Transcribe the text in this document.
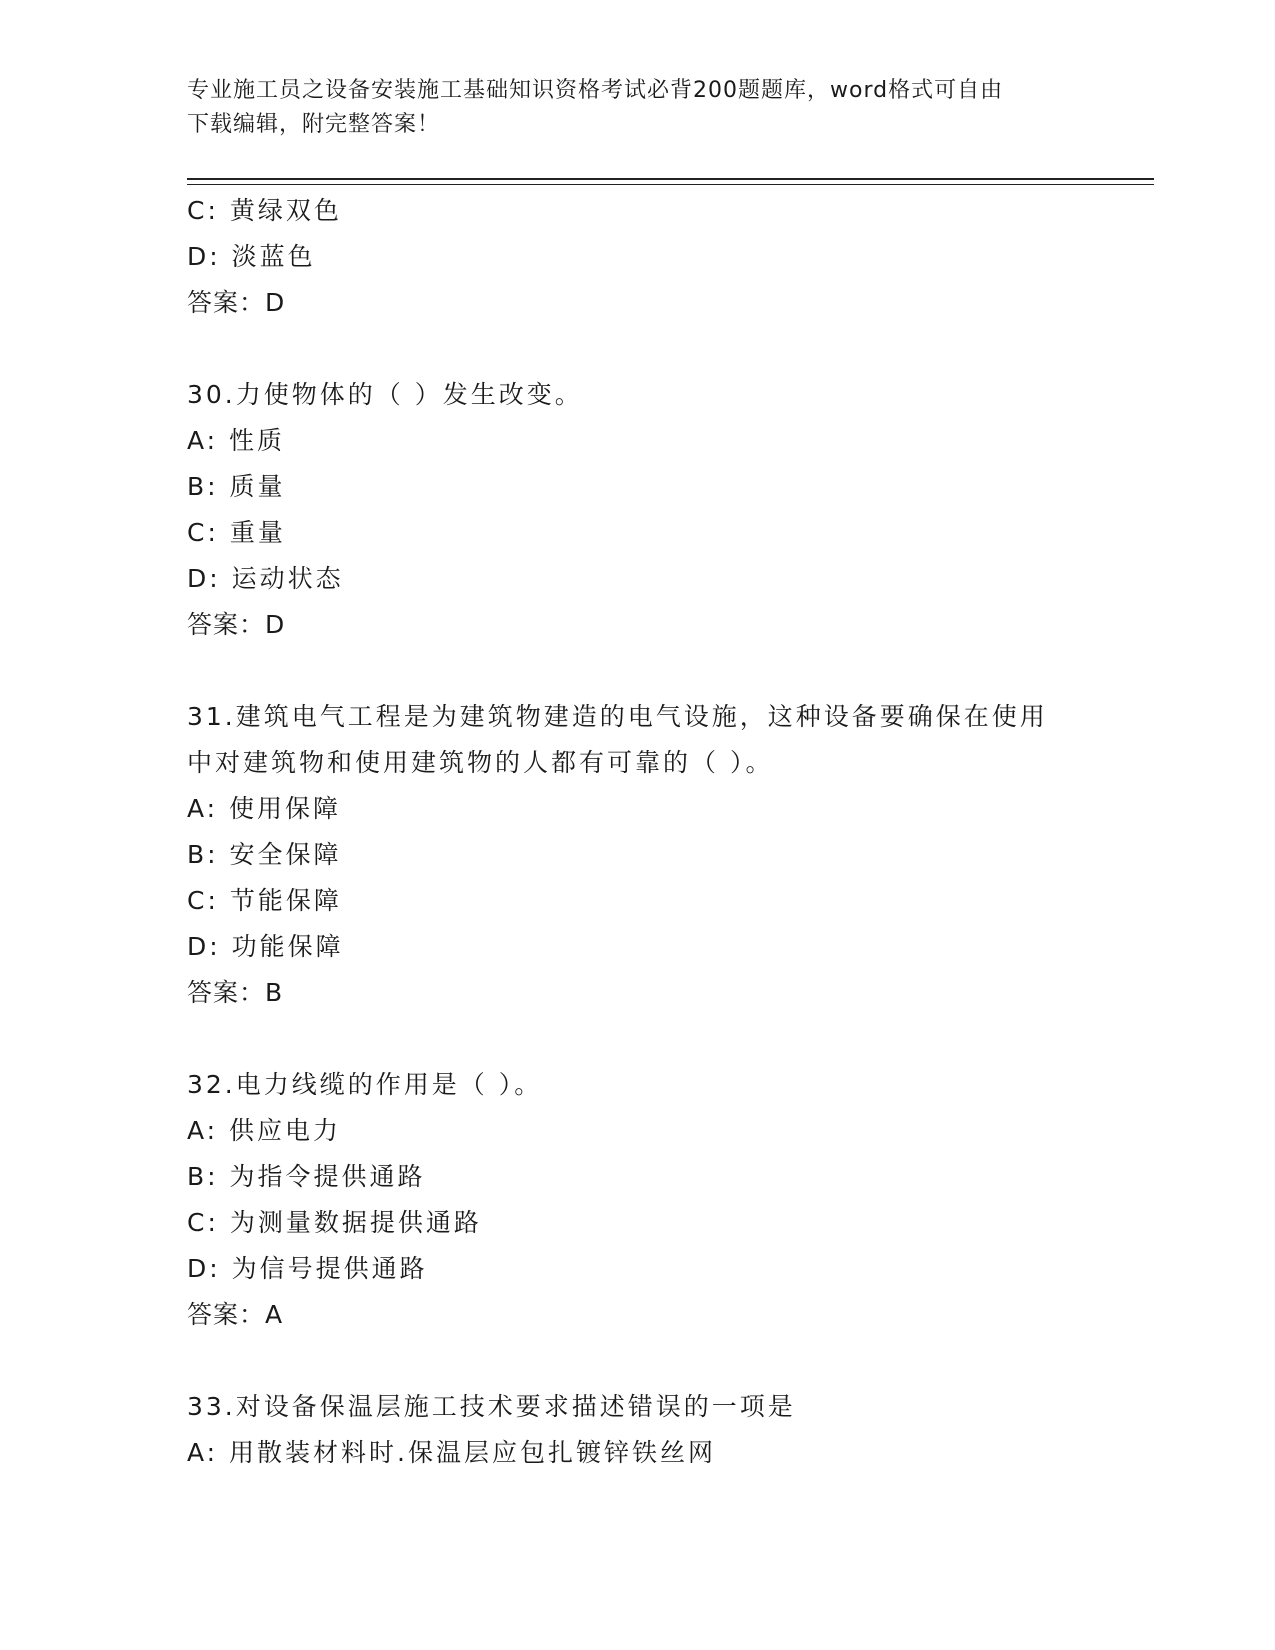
专业施工员之设备安装施工基础知识资格考试必背200题题库，word格式可自由
下载编辑，附完整答案！
C: 黄绿双色
D: 淡蓝色
答案：D
30.力使物体的（ ）发生改变。
A: 性质
B: 质量
C: 重量
D: 运动状态
答案：D
31.建筑电气工程是为建筑物建造的电气设施，这种设备要确保在使用
中对建筑物和使用建筑物的人都有可靠的（ ）。
A: 使用保障
B: 安全保障
C: 节能保障
D: 功能保障
答案：B
32.电力线缆的作用是（ ）。
A: 供应电力
B: 为指令提供通路
C: 为测量数据提供通路
D: 为信号提供通路
答案：A
33.对设备保温层施工技术要求描述错误的一项是
A: 用散装材料时.保温层应包扎镀锌铁丝网
